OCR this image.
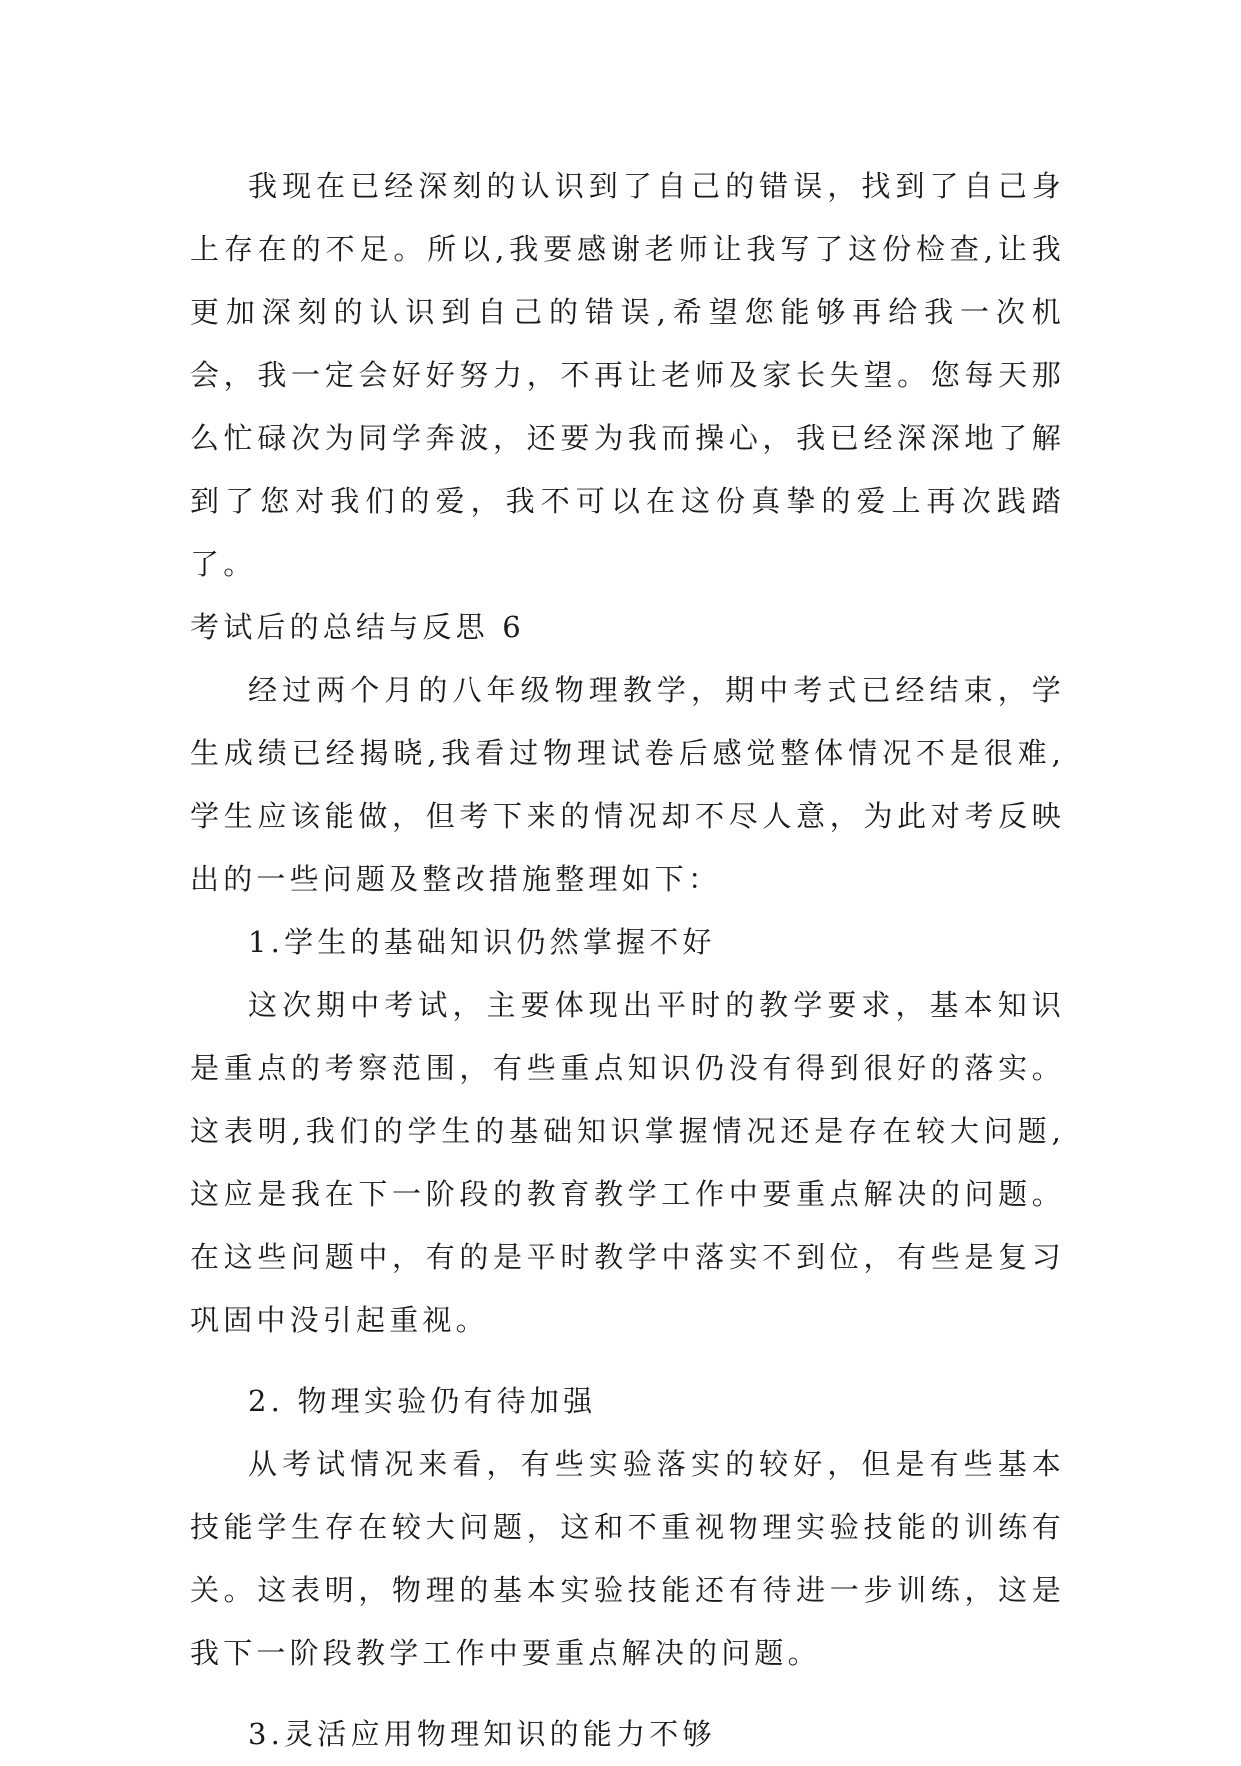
我现在已经深刻的认识到了自己的错误，找到了自己身上存在的不足。所以,我要感谢老师让我写了这份检查,让我更加深刻的认识到自己的错误,希望您能够再给我一次机会，我一定会好好努力，不再让老师及家长失望。您每天那么忙碌次为同学奔波，还要为我而操心，我已经深深地了解到了您对我们的爱，我不可以在这份真挚的爱上再次践踏了。

考试后的总结与反思 6

经过两个月的八年级物理教学，期中考式已经结束，学生成绩已经揭晓,我看过物理试卷后感觉整体情况不是很难,学生应该能做，但考下来的情况却不尽人意，为此对考反映出的一些问题及整改措施整理如下：

1.学生的基础知识仍然掌握不好

这次期中考试，主要体现出平时的教学要求，基本知识是重点的考察范围，有些重点知识仍没有得到很好的落实。这表明,我们的学生的基础知识掌握情况还是存在较大问题,这应是我在下一阶段的教育教学工作中要重点解决的问题。在这些问题中，有的是平时教学中落实不到位，有些是复习巩固中没引起重视。

2. 物理实验仍有待加强

从考试情况来看，有些实验落实的较好，但是有些基本技能学生存在较大问题，这和不重视物理实验技能的训练有关。这表明，物理的基本实验技能还有待进一步训练，这是我下一阶段教学工作中要重点解决的问题。

3.灵活应用物理知识的能力不够
